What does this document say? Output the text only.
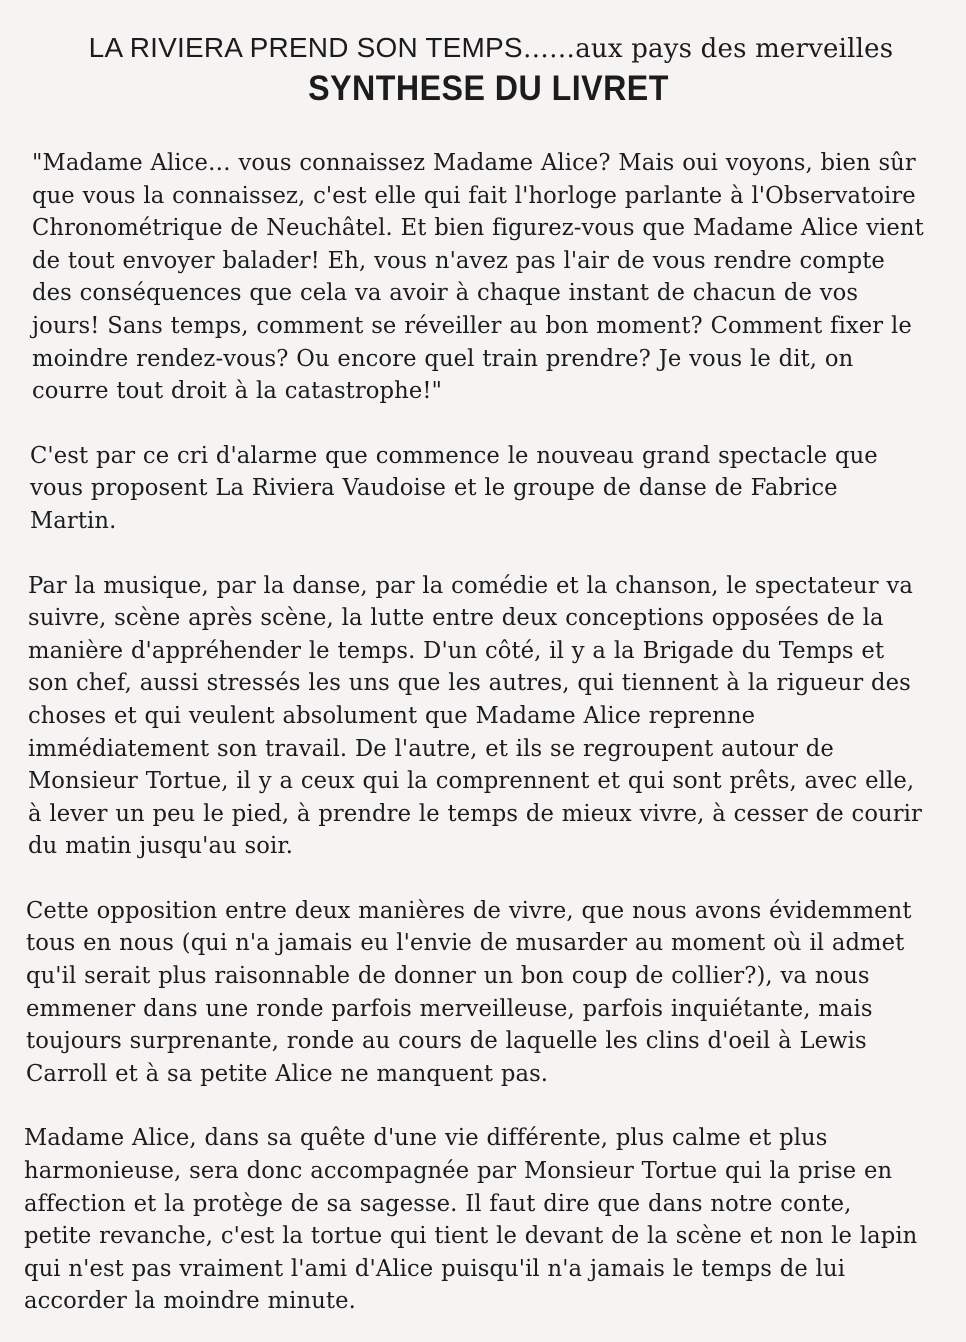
LA RIVIERA PREND SON TEMPS……aux pays des merveilles

SYNTHESE DU LIVRET

"Madame Alice… vous connaissez Madame Alice? Mais oui voyons, bien sûr que vous la connaissez, c'est elle qui fait l'horloge parlante à l'Observatoire Chronométrique de Neuchâtel. Et bien figurez-vous que Madame Alice vient de tout envoyer balader! Eh, vous n'avez pas l'air de vous rendre compte des conséquences que cela va avoir à chaque instant de chacun de vos jours! Sans temps, comment se réveiller au bon moment? Comment fixer le moindre rendez-vous? Ou encore quel train prendre? Je vous le dit, on courre tout droit à la catastrophe!"

C'est par ce cri d'alarme que commence le nouveau grand spectacle que vous proposent La Riviera Vaudoise et le groupe de danse de Fabrice Martin.

Par la musique, par la danse, par la comédie et la chanson, le spectateur va suivre, scène après scène, la lutte entre deux conceptions opposées de la manière d'appréhender le temps. D'un côté, il y a la Brigade du Temps et son chef, aussi stressés les uns que les autres, qui tiennent à la rigueur des choses et qui veulent absolument que Madame Alice reprenne immédiatement son travail. De l'autre, et ils se regroupent autour de Monsieur Tortue, il y a ceux qui la comprennent et qui sont prêts, avec elle, à lever un peu le pied, à prendre le temps de mieux vivre, à cesser de courir du matin jusqu'au soir.

Cette opposition entre deux manières de vivre, que nous avons évidemment tous en nous (qui n'a jamais eu l'envie de musarder au moment où il admet qu'il serait plus raisonnable de donner un bon coup de collier?), va nous emmener dans une ronde parfois merveilleuse, parfois inquiétante, mais toujours surprenante, ronde au cours de laquelle les clins d'oeil à Lewis Carroll et à sa petite Alice ne manquent pas.

Madame Alice, dans sa quête d'une vie différente, plus calme et plus harmonieuse, sera donc accompagnée par Monsieur Tortue qui la prise en affection et la protège de sa sagesse. Il faut dire que dans notre conte, petite revanche, c'est la tortue qui tient le devant de la scène et non le lapin qui n'est pas vraiment l'ami d'Alice puisqu'il n'a jamais le temps de lui accorder la moindre minute.
